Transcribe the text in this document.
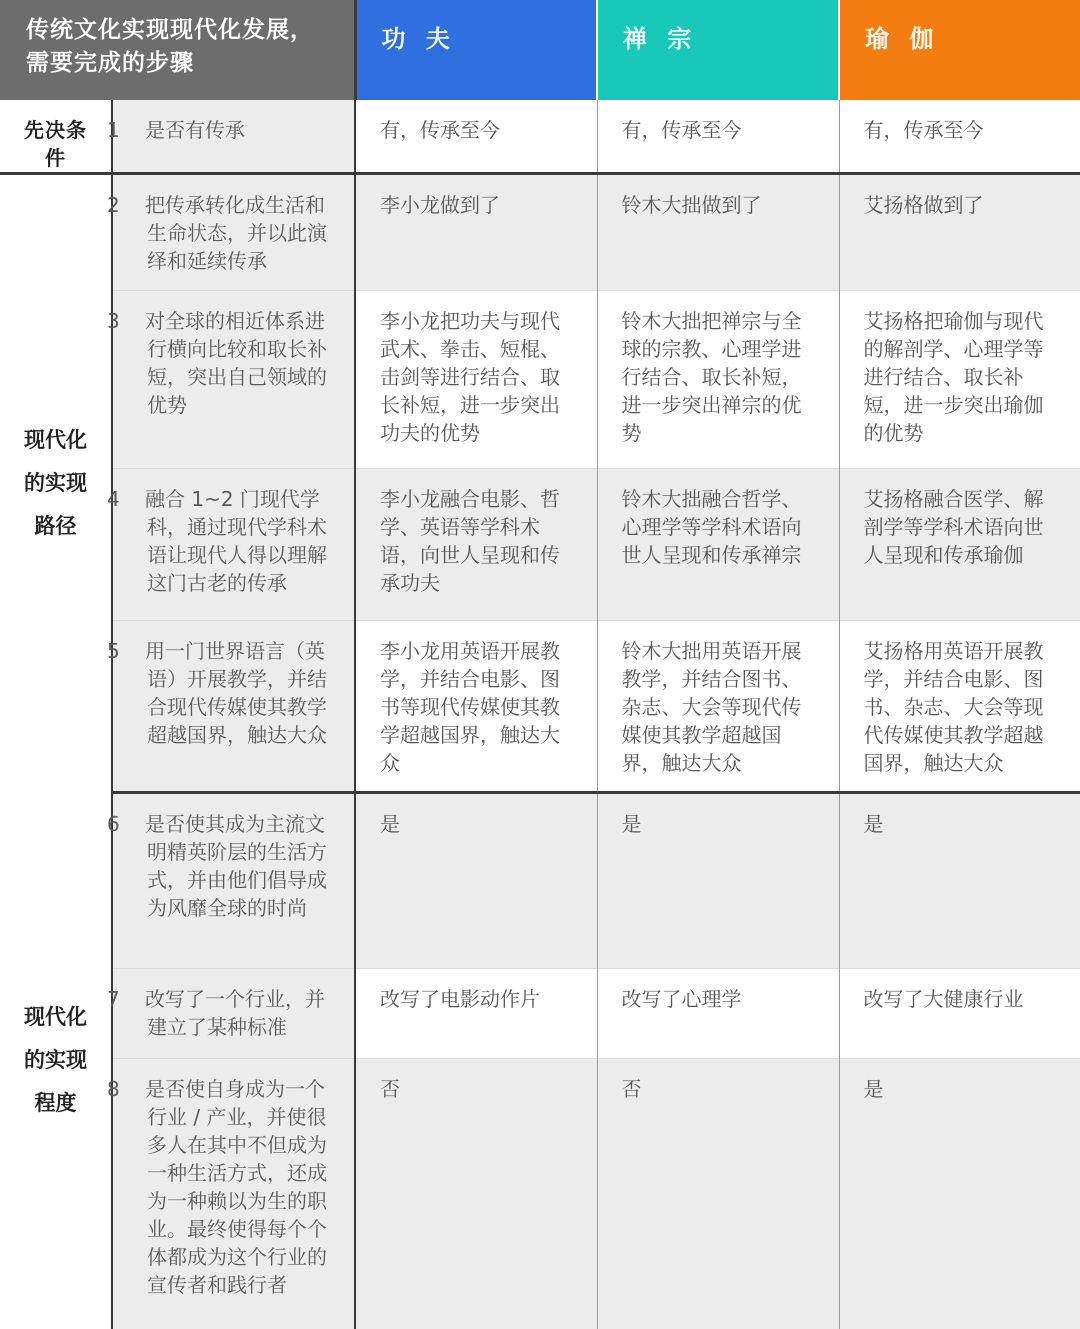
传统文化实现现代化发展，需要完成的步骤		功 夫	禅 宗	瑜 伽

先决条件	1 是否有传承	有，传承至今	有，传承至今	有，传承至今
现代化的实现路径	2 把传承转化成生活和生命状态，并以此演绎和延续传承	李小龙做到了	铃木大拙做到了	艾扬格做到了

	3 对全球的相近体系进行横向比较和取长补短，突出自己领域的优势	李小龙把功夫与现代武术、拳击、短棍、击剑等进行结合、取长补短，进一步突出功夫的优势	铃木大拙把禅宗与全球的宗教、心理学进行结合、取长补短，进一步突出禅宗的优势	艾扬格把瑜伽与现代的解剖学、心理学等进行结合、取长补短，进一步突出瑜伽的优势

	4 融合 1~2 门现代学科，通过现代学科术语让现代人得以理解这门古老的传承	李小龙融合电影、哲学、英语等学科术语，向世人呈现和传承功夫	铃木大拙融合哲学、心理学等学科术语向世人呈现和传承禅宗	艾扬格融合医学、解剖学等学科术语向世人呈现和传承瑜伽

	5 用一门世界语言（英语）开展教学，并结合现代传媒使其教学超越国界，触达大众	李小龙用英语开展教学，并结合电影、图书等现代传媒使其教学超越国界，触达大众	铃木大拙用英语开展教学，并结合图书、杂志、大会等现代传媒使其教学超越国界，触达大众	艾扬格用英语开展教学，并结合电影、图书、杂志、大会等现代传媒使其教学超越国界，触达大众
现代化的实现程度	6 是否使其成为主流文明精英阶层的生活方式，并由他们倡导成为风靡全球的时尚	是	是	是

	7 改写了一个行业，并建立了某种标准	改写了电影动作片	改写了心理学	改写了大健康行业

	8 是否使自身成为一个行业 / 产业，并使很多人在其中不但成为一种生活方式，还成为一种赖以为生的职业。最终使得每个个体都成为这个行业的宣传者和践行者	否	否	是
